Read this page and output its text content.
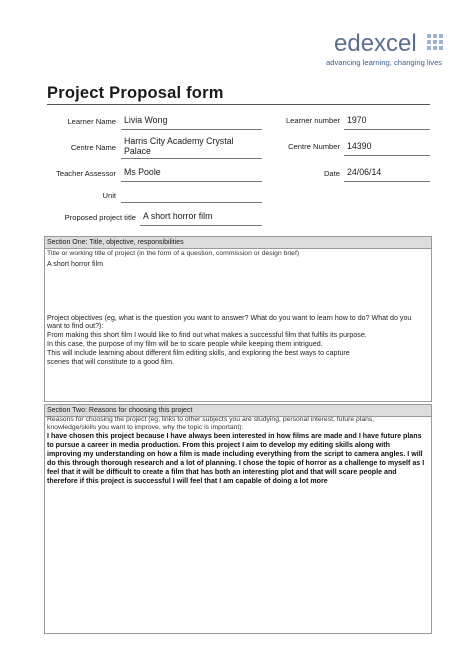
edexcel
advancing learning, changing lives
Project Proposal form
Learner Name Livia Wong	Learner number 1970
Centre Name
Harris City Academy Crystal
Palace	Centre Number 14390
Teacher Assessor Ms Poole	Date 24/06/14
Unit
Proposed project title A short horror film
Section One: Title, objective, responsibilities
Title or working title of project (in the form of a question, commission or design brief)
A short horror film
Project objectives (eg, what is the question you want to answer? What do you want to learn how to do? What do you
want to find out?):
From making this short film I would like to find out what makes a successful film that fulfils its purpose.
In this case, the purpose of my film will be to scare people while keeping them intrigued.
This will include learning about different film editing skills, and exploring the best ways to capture
scenes that will constitute to a good film.
Section Two: Reasons for choosing this project
Reasons for choosing the project (eg, links to other subjects you are studying, personal interest, future plans,
knowledge/skills you want to improve, why the topic is important):
I have chosen this project because I have always been interested in how films are made and I have future plans
to pursue a career in media production. From this project I aim to develop my editing skills along with
improving my understanding on how a film is made including everything from the script to camera angles. I will
do this through thorough research and a lot of planning. I chose the topic of horror as a challenge to myself as I
feel that it will be difficult to create a film that has both an interesting plot and that will scare people and
therefore if this project is successful I will feel that I am capable of doing a lot more
